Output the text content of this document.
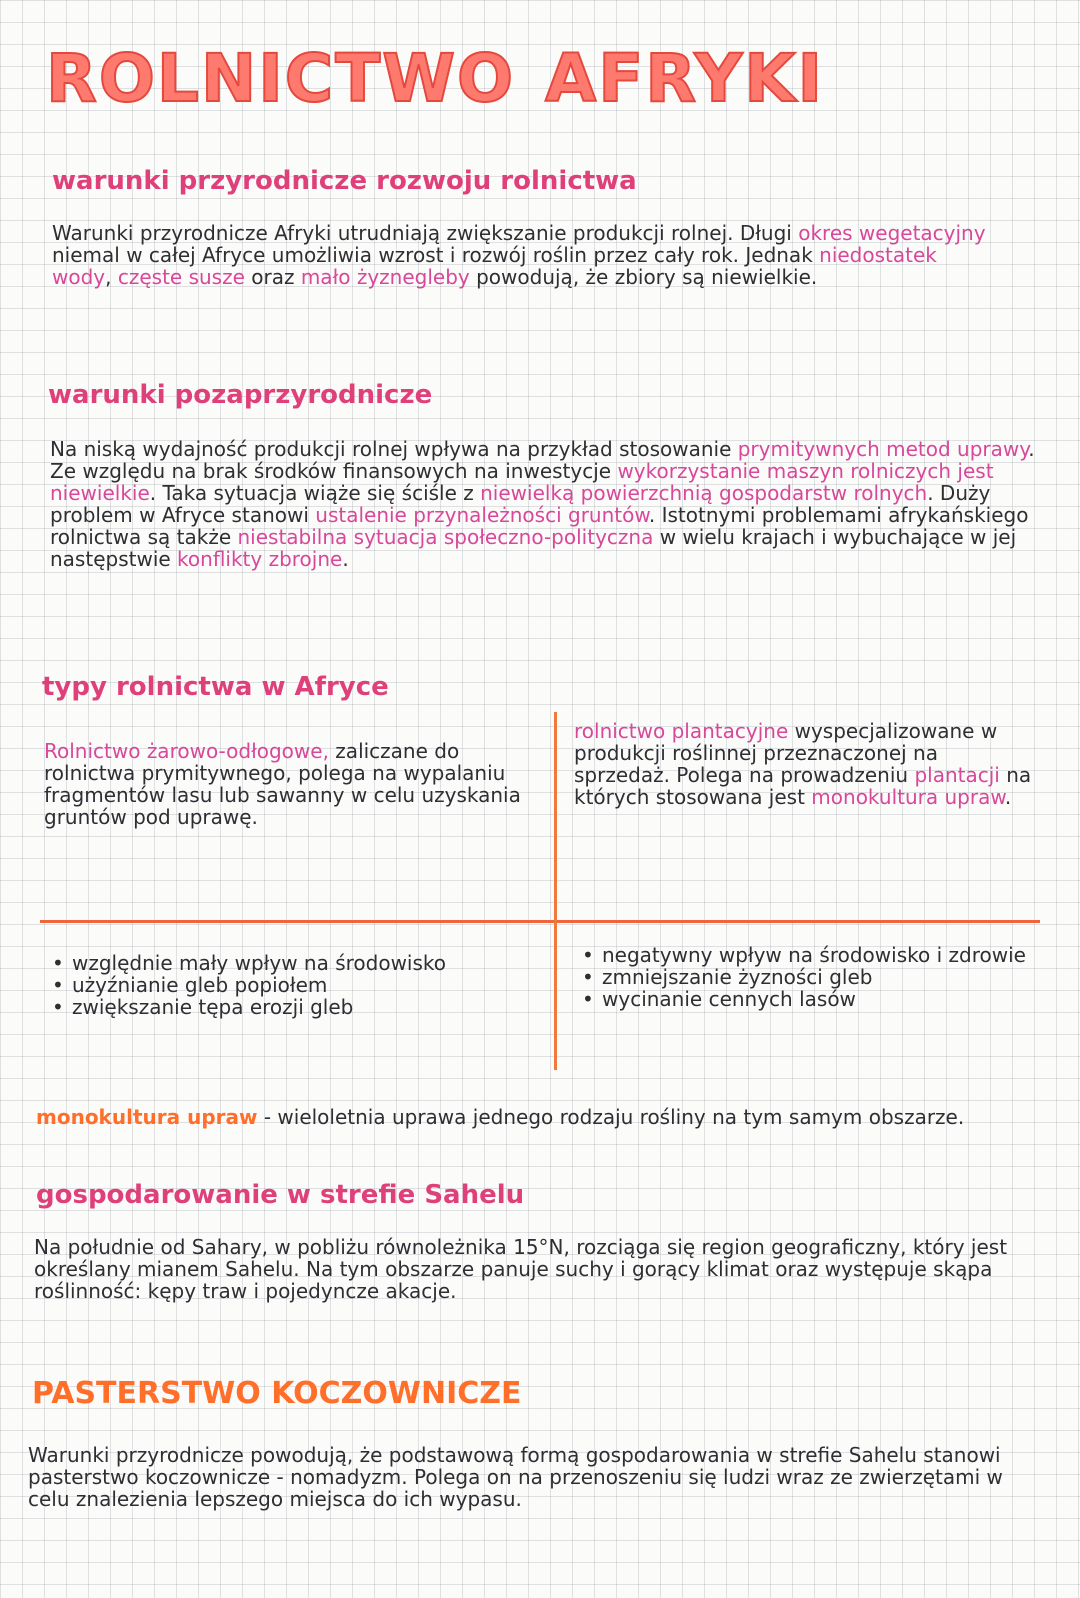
ROLNICTWO AFRYKI
warunki przyrodnicze rozwoju rolnictwa

Warunki przyrodnicze Afryki utrudniają zwiększanie produkcji rolnej. Długi okres wegetacyjny niemal w całej Afryce umożliwia wzrost i rozwój roślin przez cały rok. Jednak niedostatek wody, częste susze oraz mało żyznegleby powodują, że zbiory są niewielkie.

warunki pozaprzyrodnicze

Na niską wydajność produkcji rolnej wpływa na przykład stosowanie prymitywnych metod uprawy. Ze względu na brak środków finansowych na inwestycje wykorzystanie maszyn rolniczych jest niewielkie. Taka sytuacja wiąże się ściśle z niewielką powierzchnią gospodarstw rolnych. Duży problem w Afryce stanowi ustalenie przynależności gruntów. Istotnymi problemami afrykańskiego rolnictwa są także niestabilna sytuacja społeczno-polityczna w wielu krajach i wybuchające w jej następstwie konflikty zbrojne.

typy rolnictwa w Afryce

Rolnictwo żarowo-odłogowe, zaliczane do rolnictwa prymitywnego, polega na wypalaniu fragmentów lasu lub sawanny w celu uzyskania gruntów pod uprawę.

rolnictwo plantacyjne wyspecjalizowane w produkcji roślinnej przeznaczonej na sprzedaż. Polega na prowadzeniu plantacji na których stosowana jest monokultura upraw.

• względnie mały wpływ na środowisko
• użyźnianie gleb popiołem
• zwiększanie tępa erozji gleb
• negatywny wpływ na środowisko i zdrowie
• zmniejszanie żyzności gleb
• wycinanie cennych lasów

monokultura upraw - wieloletnia uprawa jednego rodzaju rośliny na tym samym obszarze.

gospodarowanie w strefie Sahelu

Na południe od Sahary, w pobliżu równoleżnika 15°N, rozciąga się region geograficzny, który jest określany mianem Sahelu. Na tym obszarze panuje suchy i gorący klimat oraz występuje skąpa roślinność: kępy traw i pojedyncze akacje.

PASTERSTWO KOCZOWNICZE

Warunki przyrodnicze powodują, że podstawową formą gospodarowania w strefie Sahelu stanowi pasterstwo koczownicze - nomadyzm. Polega on na przenoszeniu się ludzi wraz ze zwierzętami w celu znalezienia lepszego miejsca do ich wypasu.
